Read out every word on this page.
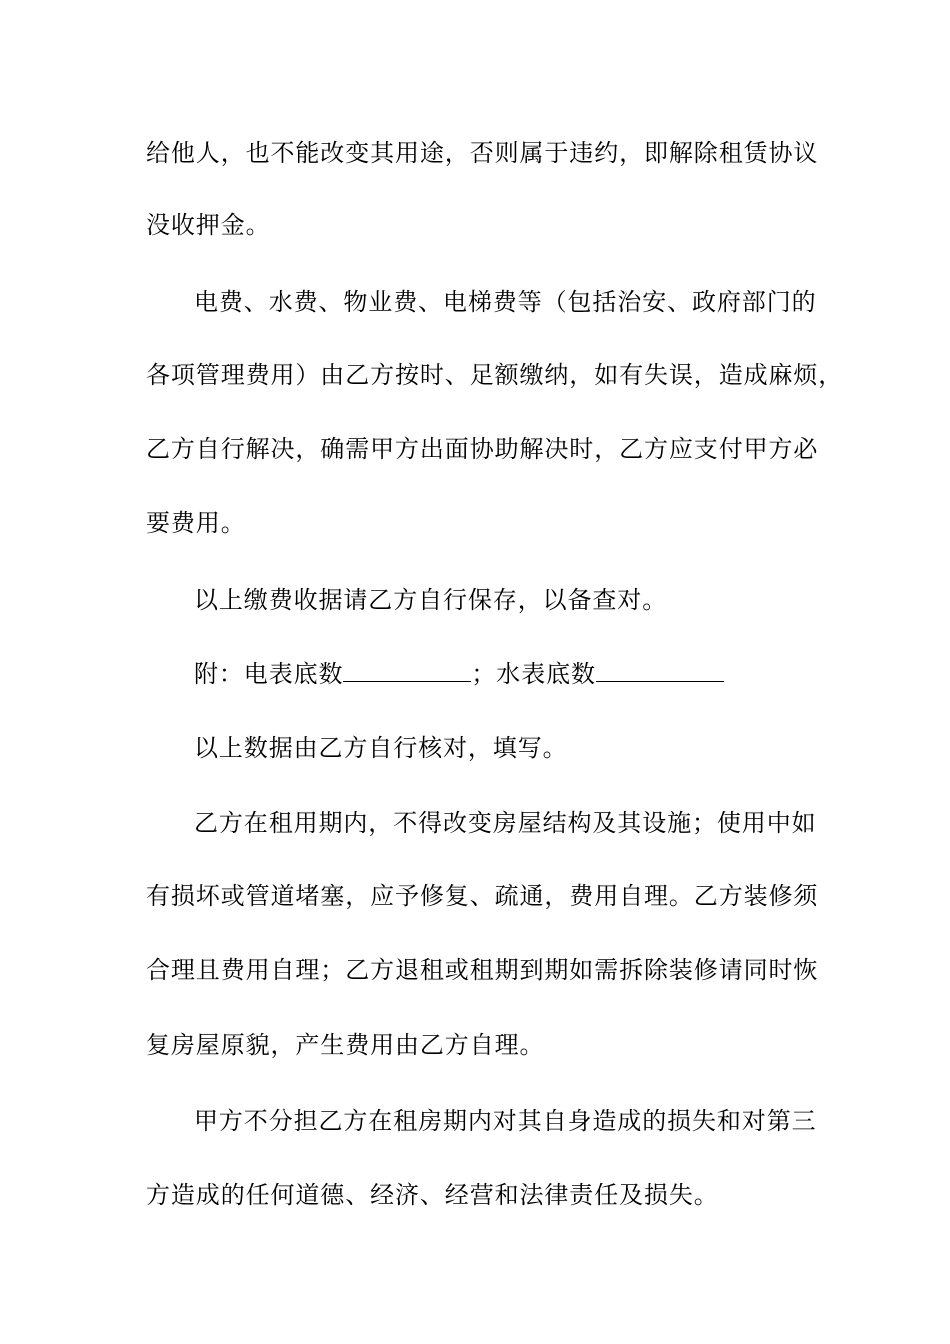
给他人，也不能改变其用途，否则属于违约，即解除租赁协议
没收押金。
电费、水费、物业费、电梯费等（包括治安、政府部门的
各项管理费用）由乙方按时、足额缴纳，如有失误，造成麻烦，
乙方自行解决，确需甲方出面协助解决时，乙方应支付甲方必
要费用。
以上缴费收据请乙方自行保存，以备查对。
附：电表底数	；水表底数
以上数据由乙方自行核对，填写。
乙方在租用期内，不得改变房屋结构及其设施；使用中如
有损坏或管道堵塞，应予修复、疏通，费用自理。乙方装修须
合理且费用自理；乙方退租或租期到期如需拆除装修请同时恢
复房屋原貌，产生费用由乙方自理。
甲方不分担乙方在租房期内对其自身造成的损失和对第三
方造成的任何道德、经济、经营和法律责任及损失。
